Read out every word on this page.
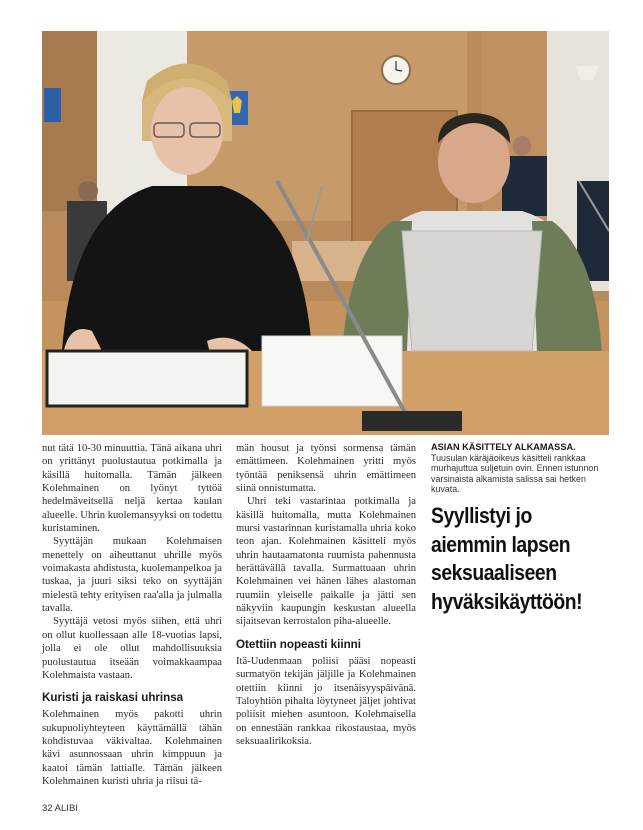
nut tätä 10-30 minuuttia. Tänä aikana uhri on yrittänyt puolustautua potkimalla ja käsillä huitomalla. Tämän jälkeen Kolehmainen on lyönyt tyttöä hedelmäveitsellä neljä kertaa kaulan alueelle. Uhrin kuolemansyyksi on todettu kuristaminen.

Syyttäjän mukaan Kolehmaisen menettely on aiheuttanut uhrille myös voimakasta ahdistusta, kuolemanpelkoa ja tuskaa, ja juuri siksi teko on syyttäjän mielestä tehty erityisen raa'alla ja julmalla tavalla.

Syyttäjä vetosi myös siihen, että uhri on ollut kuollessaan alle 18-vuotias lapsi, jolla ei ole ollut mahdollisuuksia puolustautua itseään voimakkaampaa Kolehmaista vastaan.

Kuristi ja raiskasi uhrinsa

Kolehmainen myös pakotti uhrin sukupuoliyhteyteen käyttämällä tähän kohdistuvaa väkivaltaa. Kolehmainen kävi asunnossaan uhrin kimppuun ja kaatoi tämän lattialle. Tämän jälkeen Kolehmainen kuristi uhria ja riisui tä-

män housut ja työnsi sormensa tämän emättimeen. Kolehmainen yritti myös työntää peniksensä uhrin emättimeen siinä onnistumatta.

Uhri teki vastarintaa potkimalla ja käsillä huitomalla, mutta Kolehmainen mursi vastarinnan kuristamalla uhria koko teon ajan. Kolehmainen käsitteli myös uhrin hautaamatonta ruumista pahennusta herättävällä tavalla. Surmattuaan uhrin Kolehmainen vei hänen lähes alastoman ruumiin yleiselle paikalle ja jätti sen näkyviin kaupungin keskustan alueella sijaitsevan kerrostalon piha-alueelle.

Otettiin nopeasti kiinni

Itä-Uudenmaan poliisi pääsi nopeasti surmatyön tekijän jäljille ja Kolehmainen otettiin kiinni jo itsenäisyyspäivänä. Taloyhtiön pihalta löytyneet jäljet johtivat poliisit miehen asuntoon. Kolehmaisella on ennestään rankkaa rikostaustaa, myös seksuaalirikoksia.

ASIAN KÄSITTELY ALKAMASSA.
Tuusulan käräjäoikeus käsitteli rankkaa murhajuttua suljetuin ovin. Ennen istunnon varsinaista alkamista salissa sai hetken kuvata.
Syyllistyi jo
aiemmin lapsen
seksuaaliseen
hyväksikäyttöön!
32 ALIBI
